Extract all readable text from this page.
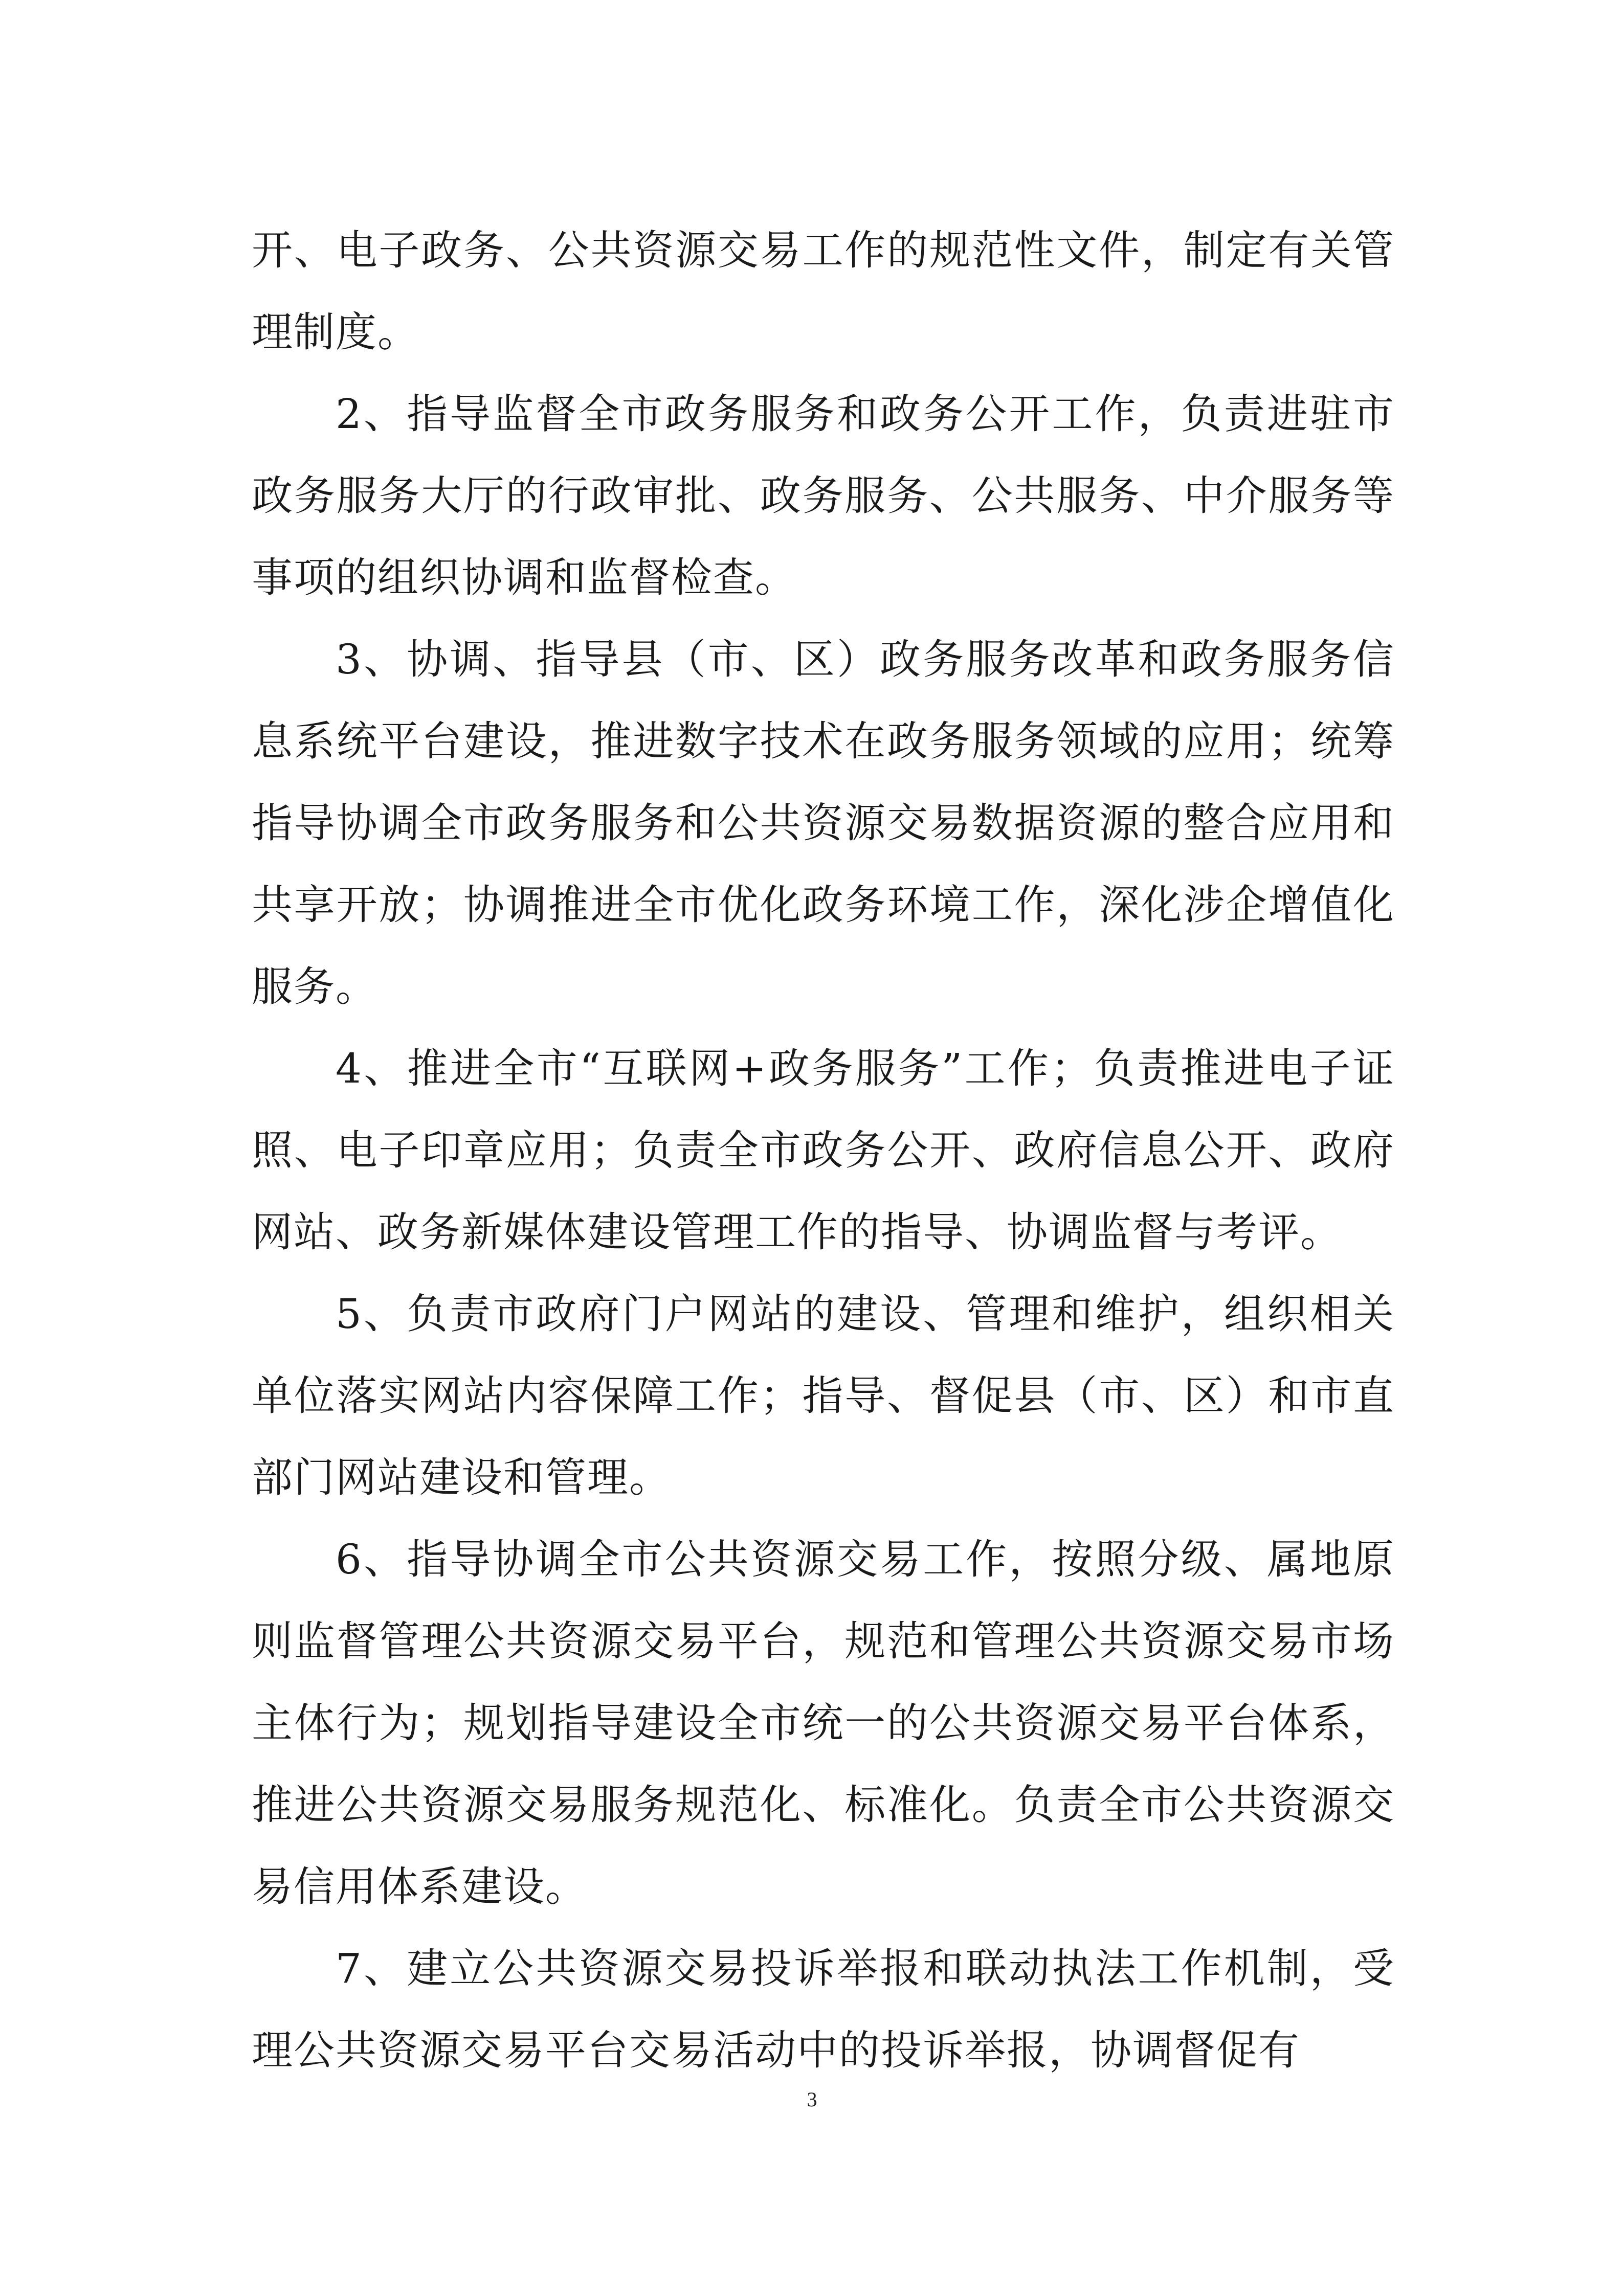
开、电子政务、公共资源交易工作的规范性文件，制定有关管理制度。

2、指导监督全市政务服务和政务公开工作，负责进驻市政务服务大厅的行政审批、政务服务、公共服务、中介服务等事项的组织协调和监督检查。

3、协调、指导县（市、区）政务服务改革和政务服务信息系统平台建设，推进数字技术在政务服务领域的应用；统筹指导协调全市政务服务和公共资源交易数据资源的整合应用和共享开放；协调推进全市优化政务环境工作，深化涉企增值化服务。

4、推进全市“互联网+政务服务”工作；负责推进电子证照、电子印章应用；负责全市政务公开、政府信息公开、政府网站、政务新媒体建设管理工作的指导、协调监督与考评。

5、负责市政府门户网站的建设、管理和维护，组织相关单位落实网站内容保障工作；指导、督促县（市、区）和市直部门网站建设和管理。

6、指导协调全市公共资源交易工作，按照分级、属地原则监督管理公共资源交易平台，规范和管理公共资源交易市场主体行为；规划指导建设全市统一的公共资源交易平台体系，推进公共资源交易服务规范化、标准化。负责全市公共资源交易信用体系建设。

7、建立公共资源交易投诉举报和联动执法工作机制，受理公共资源交易平台交易活动中的投诉举报，协调督促有

3
